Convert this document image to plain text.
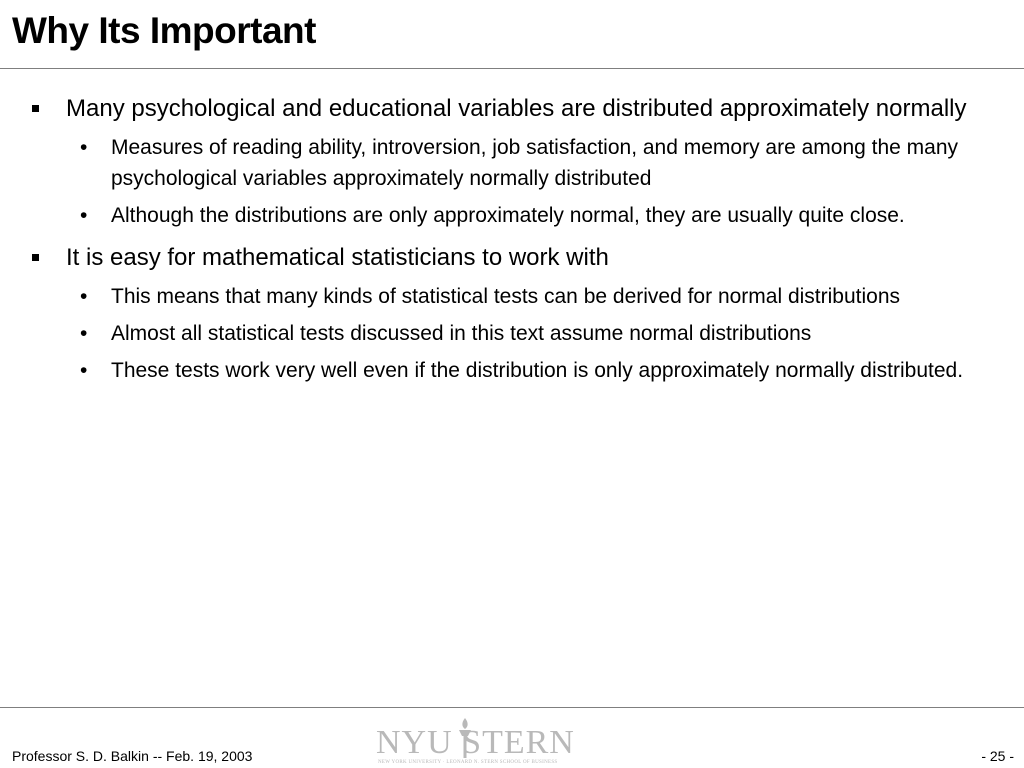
Why Its Important
Many psychological and educational variables are distributed approximately normally
• Measures of reading ability, introversion, job satisfaction, and memory are among the many psychological variables approximately normally distributed
• Although the distributions are only approximately normal, they are usually quite close.
It is easy for mathematical statisticians to work with
• This means that many kinds of statistical tests can be derived for normal distributions
• Almost all statistical tests discussed in this text assume normal distributions
• These tests work very well even if the distribution is only approximately normally distributed.
Professor S. D. Balkin -- Feb. 19, 2003	NYU STERN
NEW YORK UNIVERSITY · LEONARD N. STERN SCHOOL OF BUSINESS	- 25 -
